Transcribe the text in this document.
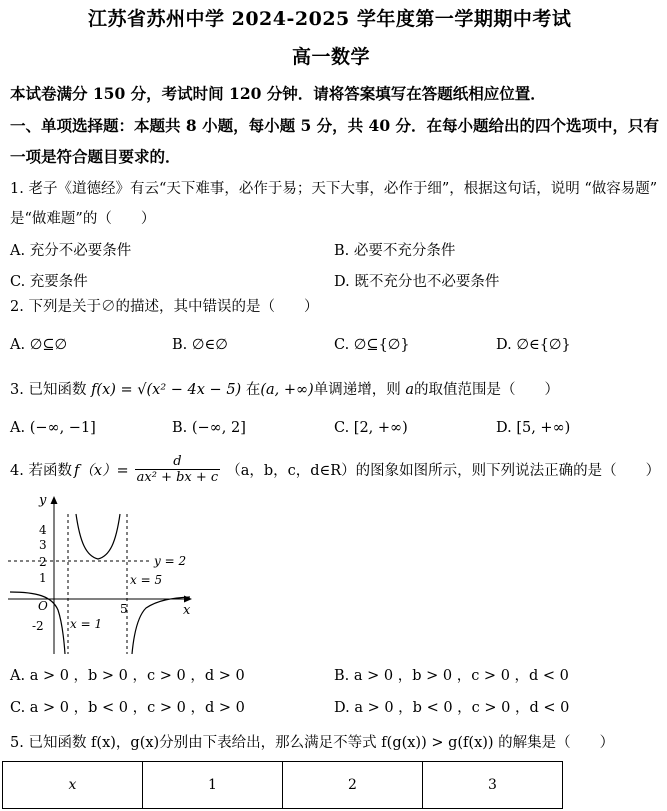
江苏省苏州中学 2024-2025 学年度第一学期期中考试
高一数学
本试卷满分 150 分，考试时间 120 分钟．请将答案填写在答题纸相应位置．
一、单项选择题：本题共 8 小题，每小题 5 分，共 40 分．在每小题给出的四个选项中，只有
一项是符合题目要求的．
1. 老子《道德经》有云“天下难事，必作于易；天下大事，必作于细”，根据这句话，说明 “做容易题”
是“做难题”的（　　）
A. 充分不必要条件	B. 必要不充分条件
C. 充要条件	D. 既不充分也不必要条件
2. 下列是关于∅的描述，其中错误的是（　　）
A. ∅⊆∅	B. ∅∈∅	C. ∅⊆{∅}	D. ∅∈{∅}
3. 已知函数 f(x) = √(x² − 4x − 5) 在(a, +∞)单调递增，则 a的取值范围是（　　）
A. (−∞, −1]	B. (−∞, 2]	C. [2, +∞)	D. [5, +∞)
4. 若函数 f（x）=
d
ax² + bx + c （a，b，c，d∈R）的图象如图所示，则下列说法正确的是（　　）
y
x
O
4
3
2
1
-2
5
y = 2
x = 1
x = 5
A. a > 0 ，b > 0 ，c > 0 ，d > 0	B. a > 0 ，b > 0 ，c > 0 ，d < 0
C. a > 0 ，b < 0 ，c > 0 ，d > 0	D. a > 0 ，b < 0 ，c > 0 ，d < 0
5. 已知函数 f(x)，g(x)分别由下表给出，那么满足不等式 f(g(x)) > g(f(x)) 的解集是（　　）
x	1	2	3
